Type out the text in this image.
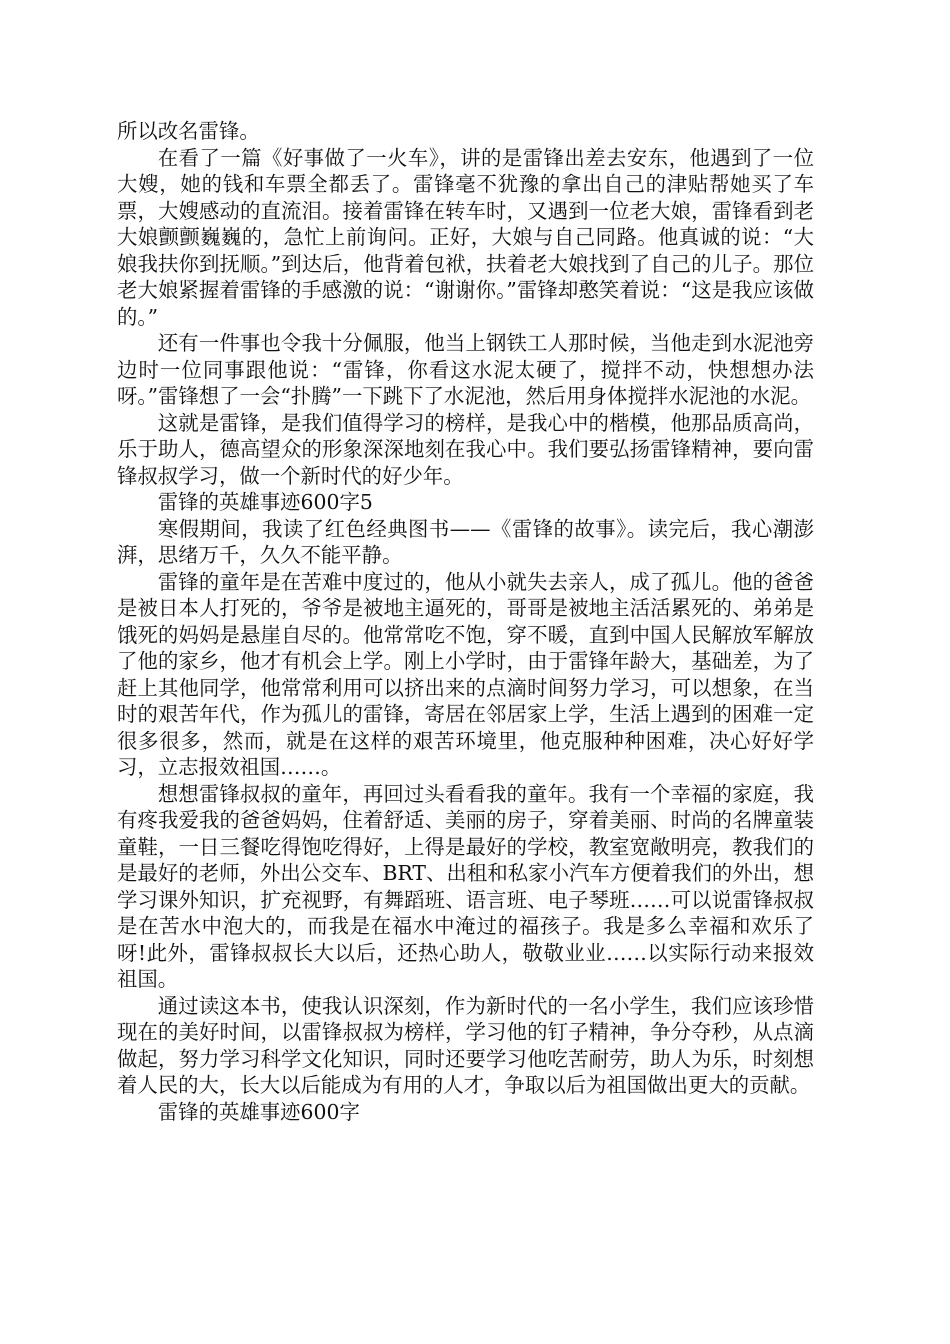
所以改名雷锋。

在看了一篇《好事做了一火车》，讲的是雷锋出差去安东，他遇到了一位大嫂，她的钱和车票全都丢了。雷锋毫不犹豫的拿出自己的津贴帮她买了车票，大嫂感动的直流泪。接着雷锋在转车时，又遇到一位老大娘，雷锋看到老大娘颤颤巍巍的，急忙上前询问。正好，大娘与自己同路。他真诚的说：“大娘我扶你到抚顺。”到达后，他背着包袱，扶着老大娘找到了自己的儿子。那位老大娘紧握着雷锋的手感激的说：“谢谢你。”雷锋却憨笑着说：“这是我应该做的。”

还有一件事也令我十分佩服，他当上钢铁工人那时候，当他走到水泥池旁边时一位同事跟他说：“雷锋，你看这水泥太硬了，搅拌不动，快想想办法呀。”雷锋想了一会“扑腾”一下跳下了水泥池，然后用身体搅拌水泥池的水泥。

这就是雷锋，是我们值得学习的榜样，是我心中的楷模，他那品质高尚，乐于助人，德高望众的形象深深地刻在我心中。我们要弘扬雷锋精神，要向雷锋叔叔学习，做一个新时代的好少年。

雷锋的英雄事迹600字5

寒假期间，我读了红色经典图书——《雷锋的故事》。读完后，我心潮澎湃，思绪万千，久久不能平静。

雷锋的童年是在苦难中度过的，他从小就失去亲人，成了孤儿。他的爸爸是被日本人打死的，爷爷是被地主逼死的，哥哥是被地主活活累死的、弟弟是饿死的妈妈是悬崖自尽的。他常常吃不饱，穿不暖，直到中国人民解放军解放了他的家乡，他才有机会上学。刚上小学时，由于雷锋年龄大，基础差，为了赶上其他同学，他常常利用可以挤出来的点滴时间努力学习，可以想象，在当时的艰苦年代，作为孤儿的雷锋，寄居在邻居家上学，生活上遇到的困难一定很多很多，然而，就是在这样的艰苦环境里，他克服种种困难，决心好好学习，立志报效祖国……。

想想雷锋叔叔的童年，再回过头看看我的童年。我有一个幸福的家庭，我有疼我爱我的爸爸妈妈，住着舒适、美丽的房子，穿着美丽、时尚的名牌童装童鞋，一日三餐吃得饱吃得好，上得是最好的学校，教室宽敞明亮，教我们的是最好的老师，外出公交车、BRT、出租和私家小汽车方便着我们的外出，想学习课外知识，扩充视野，有舞蹈班、语言班、电子琴班……可以说雷锋叔叔是在苦水中泡大的，而我是在福水中淹过的福孩子。我是多么幸福和欢乐了呀!此外，雷锋叔叔长大以后，还热心助人，敬敬业业……以实际行动来报效祖国。

通过读这本书，使我认识深刻，作为新时代的一名小学生，我们应该珍惜现在的美好时间，以雷锋叔叔为榜样，学习他的钉子精神，争分夺秒，从点滴做起，努力学习科学文化知识，同时还要学习他吃苦耐劳，助人为乐，时刻想着人民的大，长大以后能成为有用的人才，争取以后为祖国做出更大的贡献。

雷锋的英雄事迹600字
